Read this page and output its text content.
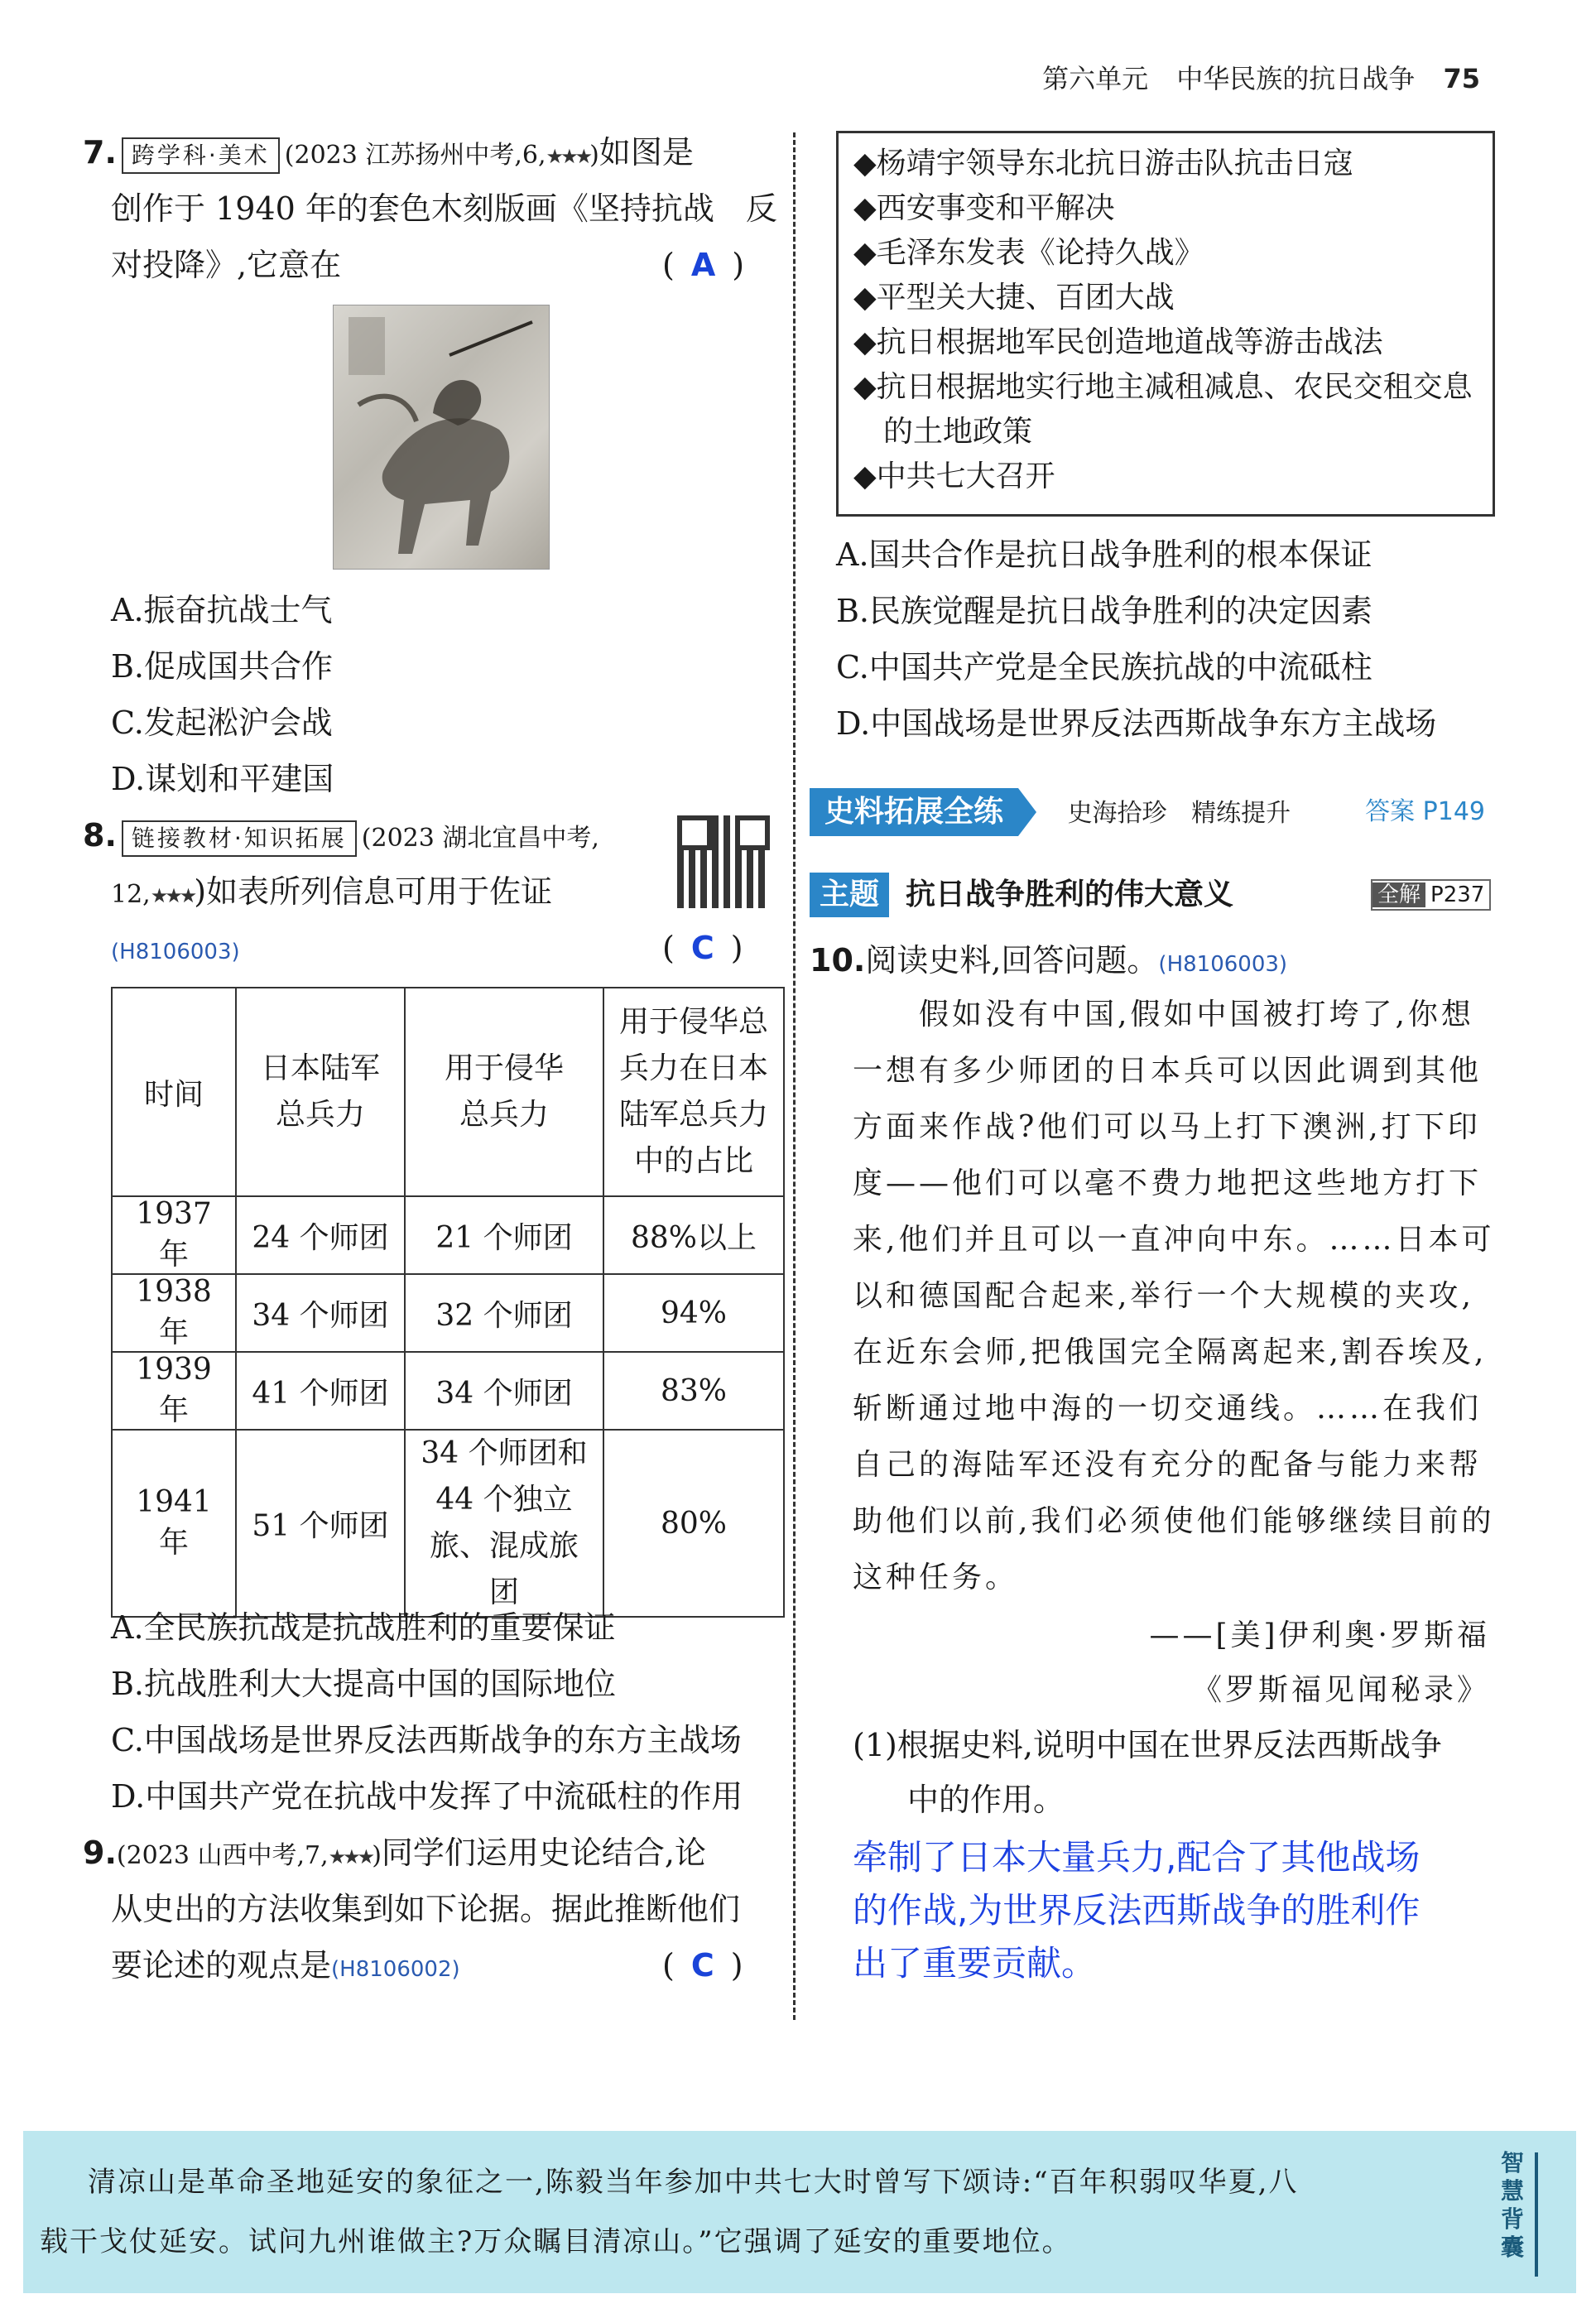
第六单元 中华民族的抗日战争 75
7. 跨学科·美术 (2023 江苏扬州中考,6,★★★)如图是
创作于 1940 年的套色木刻版画《坚持抗战　反
对投降》,它意在	( A )
A.振奋抗战士气
B.促成国共合作
C.发起淞沪会战
D.谋划和平建国
8. 链接教材·知识拓展 (2023 湖北宜昌中考,
12,★★★)如表所列信息可用于佐证
(H8106003)	( C )
时间	日本陆军总兵力	用于侵华总兵力	用于侵华总兵力在日本陆军总兵力中的占比

1937 年	24 个师团	21 个师团	88%以上
1938 年	34 个师团	32 个师团	94%
1939 年	41 个师团	34 个师团	83%
1941 年	51 个师团	34 个师团和44 个独立旅、混成旅团	80%
A.全民族抗战是抗战胜利的重要保证
B.抗战胜利大大提高中国的国际地位
C.中国战场是世界反法西斯战争的东方主战场
D.中国共产党在抗战中发挥了中流砥柱的作用
9.(2023 山西中考,7,★★★)同学们运用史论结合,论
从史出的方法收集到如下论据。据此推断他们
要论述的观点是(H8106002)	( C )
◆杨靖宇领导东北抗日游击队抗击日寇
◆西安事变和平解决
◆毛泽东发表《论持久战》
◆平型关大捷、百团大战
◆抗日根据地军民创造地道战等游击战法
◆抗日根据地实行地主减租减息、农民交租交息
　的土地政策
◆中共七大召开
A.国共合作是抗日战争胜利的根本保证
B.民族觉醒是抗日战争胜利的决定因素
C.中国共产党是全民族抗战的中流砥柱
D.中国战场是世界反法西斯战争东方主战场
史料拓展全练	史海拾珍 精练提升	答案 P149
主题 抗日战争胜利的伟大意义	全解 P237
10.阅读史料,回答问题。(H8106003)
　　假如没有中国,假如中国被打垮了,你想
一想有多少师团的日本兵可以因此调到其他
方面来作战?他们可以马上打下澳洲,打下印
度——他们可以毫不费力地把这些地方打下
来,他们并且可以一直冲向中东。……日本可
以和德国配合起来,举行一个大规模的夹攻,
在近东会师,把俄国完全隔离起来,割吞埃及,
斩断通过地中海的一切交通线。……在我们
自己的海陆军还没有充分的配备与能力来帮
助他们以前,我们必须使他们能够继续目前的
这种任务。
——[美]伊利奥·罗斯福
《罗斯福见闻秘录》
(1)根据史料,说明中国在世界反法西斯战争
中的作用。
牵制了日本大量兵力,配合了其他战场
的作战,为世界反法西斯战争的胜利作
出了重要贡献。
清凉山是革命圣地延安的象征之一,陈毅当年参加中共七大时曾写下颂诗:“百年积弱叹华夏,八
载干戈仗延安。试问九州谁做主?万众瞩目清凉山。”它强调了延安的重要地位。
智慧背囊
